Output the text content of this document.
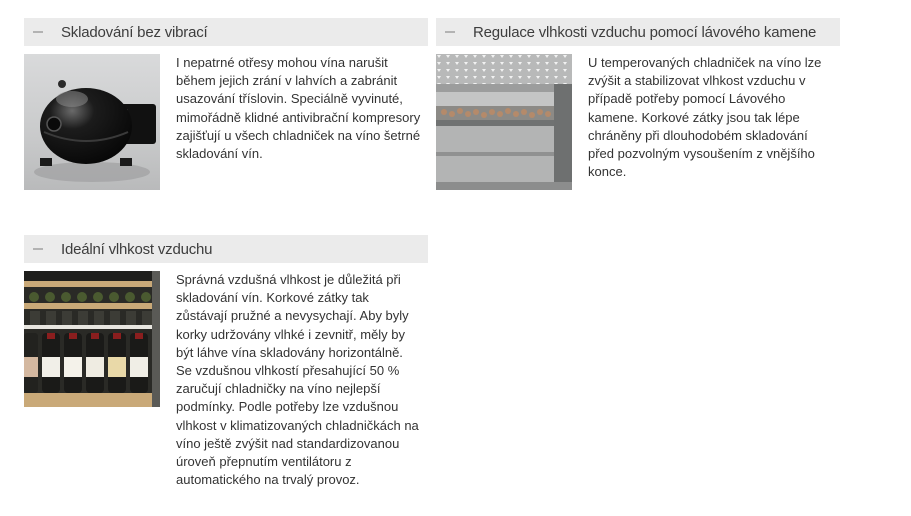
Skladování bez vibrací

I nepatrné otřesy mohou vína narušit během jejich zrání v lahvích a zabránit usazování tříslovin. Speciálně vyvinuté, mimořádně klidné antivibrační kompresory zajišťují u všech chladniček na víno šetrné skladování vín.

Regulace vlhkosti vzduchu pomocí lávového kamene

U temperovaných chladniček na víno lze zvýšit a stabilizovat vlhkost vzduchu v případě potřeby pomocí Lávového kamene. Korkové zátky jsou tak lépe chráněny při dlouhodobém skladování před pozvolným vysoušením z vnějšího konce.

Ideální vlhkost vzduchu

Správná vzdušná vlhkost je důležitá při skladování vín. Korkové zátky tak zůstávají pružné a nevysychají. Aby byly korky udržovány vlhké i zevnitř, měly by být láhve vína skladovány horizontálně. Se vzdušnou vlhkostí přesahující 50 % zaručují chladničky na víno nejlepší podmínky. Podle potřeby lze vzdušnou vlhkost v klimatizovaných chladničkách na víno ještě zvýšit nad standardizovanou úroveň přepnutím ventilátoru z automatického na trvalý provoz.
